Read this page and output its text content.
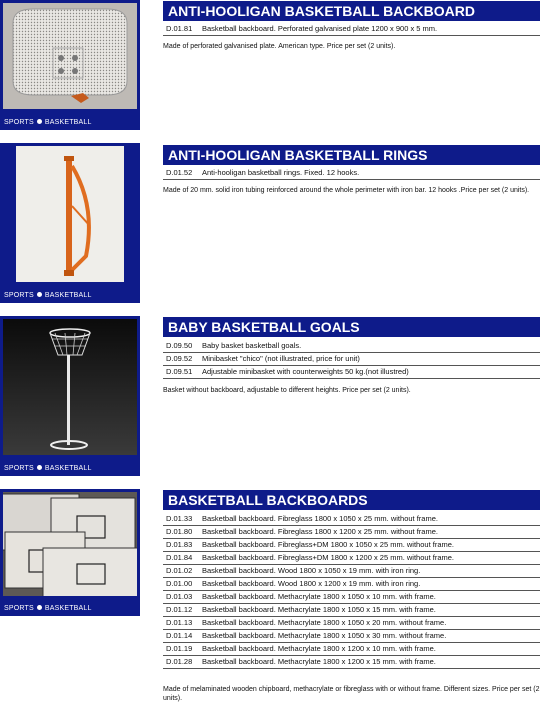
SPORTS BASKETBALL
ANTI-HOOLIGAN BASKETBALL BACKBOARD
D.01.81 Basketball backboard. Perforated galvanised plate 1200 x 900 x 5 mm.
Made of perforated galvanised plate. American type. Price per set (2 units).
SPORTS BASKETBALL
ANTI-HOOLIGAN BASKETBALL RINGS
D.01.52 Anti-hooligan basketball rings. Fixed. 12 hooks.
Made of 20 mm. solid iron tubing reinforced around the whole perimeter with iron bar. 12 hooks .Price per set (2 units).
SPORTS BASKETBALL
BABY BASKETBALL GOALS
D.09.50 Baby basket basketball goals.
D.09.52 Minibasket "chico" (not illustrated, price for unit)
D.09.51 Adjustable minibasket with counterweights 50 kg.(not illustred)
Basket without backboard, adjustable to different heights. Price per set (2 units).
SPORTS BASKETBALL
BASKETBALL BACKBOARDS
D.01.33 Basketball backboard. Fibreglass 1800 x 1050 x 25 mm. without frame.
D.01.80 Basketball backboard. Fibreglass 1800 x 1200 x 25 mm. without frame.
D.01.83 Basketball backboard. Fibreglass+DM 1800 x 1050 x 25 mm. without frame.
D.01.84 Basketball backboard. Fibreglass+DM 1800 x 1200 x 25 mm. without frame.
D.01.02 Basketball backboard. Wood 1800 x 1050 x 19 mm. with iron ring.
D.01.00 Basketball backboard. Wood 1800 x 1200 x 19 mm. with iron ring.
D.01.03 Basketball backboard. Methacrylate 1800 x 1050 x 10 mm. with frame.
D.01.12 Basketball backboard. Methacrylate 1800 x 1050 x 15 mm. with frame.
D.01.13 Basketball backboard. Methacrylate 1800 x 1050 x 20 mm. without frame.
D.01.14 Basketball backboard. Methacrylate 1800 x 1050 x 30 mm. without frame.
D.01.19 Basketball backboard. Methacrylate 1800 x 1200 x 10 mm. with frame.
D.01.28 Basketball backboard. Methacrylate 1800 x 1200 x 15 mm. with frame.
Made of melaminated wooden chipboard, methacrylate or fibreglass with or without frame. Different sizes. Price per set (2 units).
